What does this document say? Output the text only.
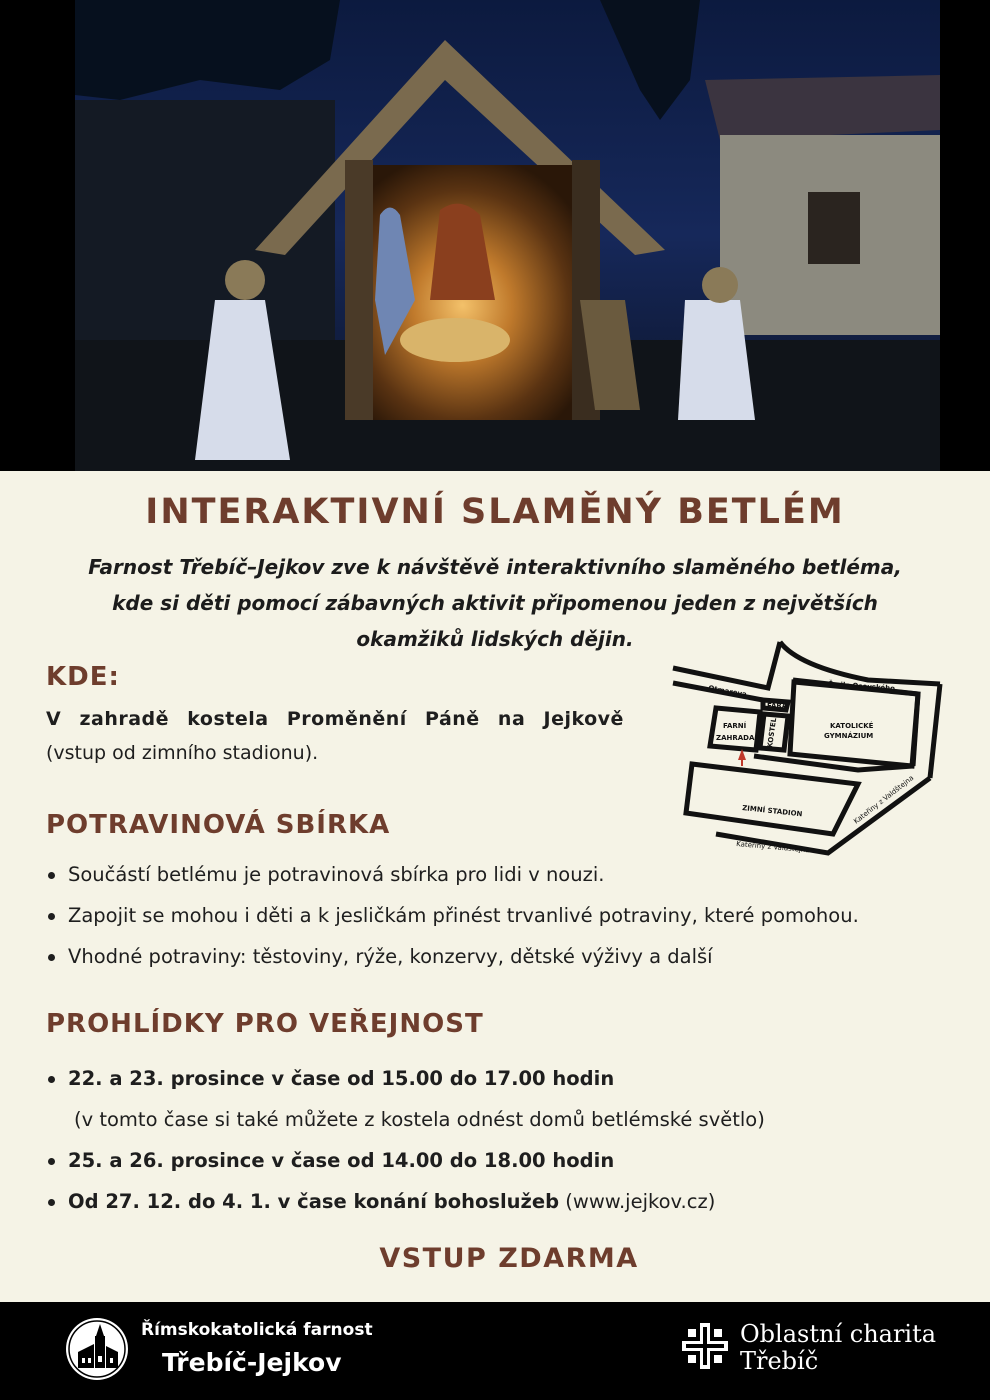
INTERAKTIVNÍ SLAMĚNÝ BETLÉM
Farnost Třebíč–Jejkov zve k návštěvě interaktivního slaměného betléma,
kde si děti pomocí zábavných aktivit připomenou jeden z největších
okamžiků lidských dějin.
KDE:
V zahradě kostela Proměnění Páně na Jejkově
(vstup od zimního stadionu).
Otmarova	Šmila Osovského
FARA
FARNÍ
ZAHRADA KOSTEL	KATOLICKÉ
GYMNÁZIUM
ZIMNÍ STADION
Kateřiny z Valdštejna
Kateřiny z Valdštejna
POTRAVINOVÁ SBÍRKA
Součástí betlému je potravinová sbírka pro lidi v nouzi.
Zapojit se mohou i děti a k jesličkám přinést trvanlivé potraviny, které pomohou.
Vhodné potraviny: těstoviny, rýže, konzervy, dětské výživy a další
PROHLÍDKY PRO VEŘEJNOST
22. a 23. prosince v čase od 15.00 do 17.00 hodin
(v tomto čase si také můžete z kostela odnést domů betlémské světlo)
25. a 26. prosince v čase od 14.00 do 18.00 hodin
Od 27. 12. do 4. 1. v čase konání bohoslužeb (www.jejkov.cz)
VSTUP ZDARMA
Římskokatolická farnost
Třebíč-Jejkov
Oblastní charita
Třebíč
